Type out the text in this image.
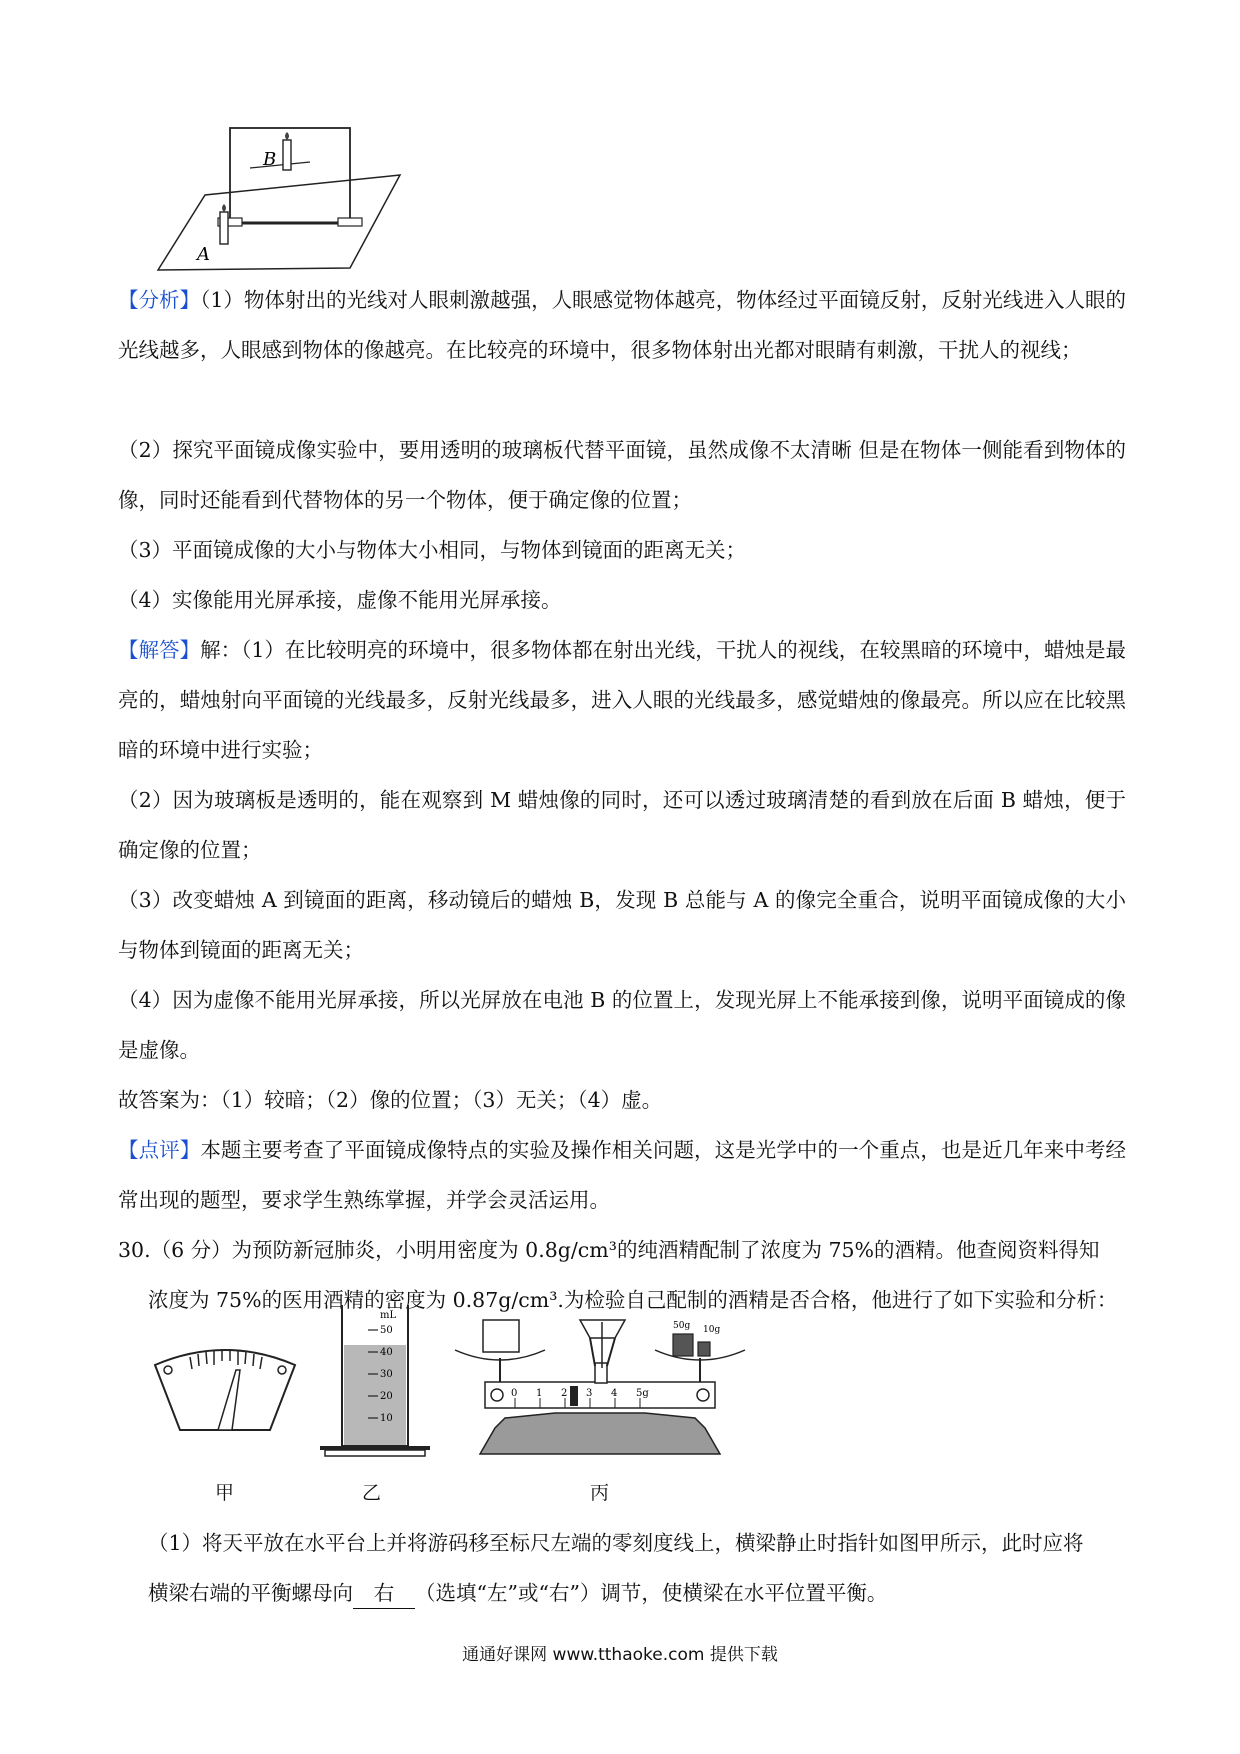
B
A

【分析】（1）物体射出的光线对人眼刺激越强，人眼感觉物体越亮，物体经过平面镜反射，反射光线进入人眼的光线越多，人眼感到物体的像越亮。在比较亮的环境中，很多物体射出光都对眼睛有刺激，干扰人的视线；

（2）探究平面镜成像实验中，要用透明的玻璃板代替平面镜，虽然成像不太清晰 但是在物体一侧能看到物体的像，同时还能看到代替物体的另一个物体，便于确定像的位置；

（3）平面镜成像的大小与物体大小相同，与物体到镜面的距离无关；

（4）实像能用光屏承接，虚像不能用光屏承接。

【解答】解：（1）在比较明亮的环境中，很多物体都在射出光线，干扰人的视线，在较黑暗的环境中，蜡烛是最亮的，蜡烛射向平面镜的光线最多，反射光线最多，进入人眼的光线最多，感觉蜡烛的像最亮。所以应在比较黑暗的环境中进行实验；

（2）因为玻璃板是透明的，能在观察到 M 蜡烛像的同时，还可以透过玻璃清楚的看到放在后面 B 蜡烛，便于确定像的位置；

（3）改变蜡烛 A 到镜面的距离，移动镜后的蜡烛 B，发现 B 总能与 A 的像完全重合，说明平面镜成像的大小与物体到镜面的距离无关；

（4）因为虚像不能用光屏承接，所以光屏放在电池 B 的位置上，发现光屏上不能承接到像，说明平面镜成的像是虚像。

故答案为：（1）较暗；（2）像的位置；（3）无关；（4）虚。

【点评】本题主要考查了平面镜成像特点的实验及操作相关问题，这是光学中的一个重点，也是近几年来中考经常出现的题型，要求学生熟练掌握，并学会灵活运用。

30.（6 分）为预防新冠肺炎，小明用密度为 0.8g/cm³的纯酒精配制了浓度为 75%的酒精。他查阅资料得知
浓度为 75%的医用酒精的密度为 0.87g/cm³.为检验自己配制的酒精是否合格，他进行了如下实验和分析：
甲
mL
50
40
30
20
10
乙
0 1 2 3 4 5g
50g 10g
丙
（1）将天平放在水平台上并将游码移至标尺左端的零刻度线上，横梁静止时指针如图甲所示，此时应将
横梁右端的平衡螺母向 右 （选填“左”或“右”）调节，使横梁在水平位置平衡。
通通好课网 www.tthaoke.com 提供下载
